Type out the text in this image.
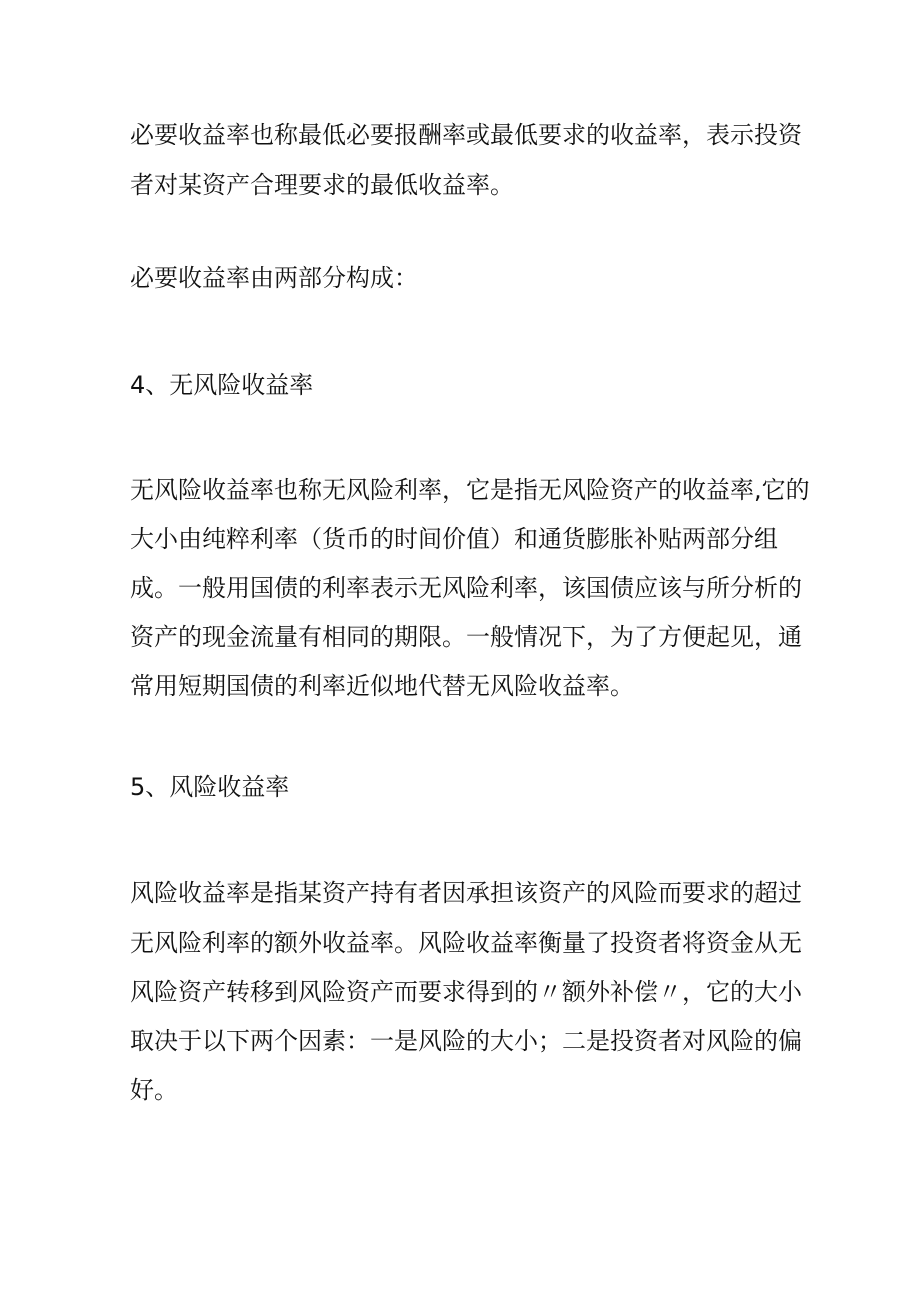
必要收益率也称最低必要报酬率或最低要求的收益率，表示投资
者对某资产合理要求的最低收益率。
必要收益率由两部分构成：
4、无风险收益率
无风险收益率也称无风险利率，它是指无风险资产的收益率,它的
大小由纯粹利率（货币的时间价值）和通货膨胀补贴两部分组
成。一般用国债的利率表示无风险利率，该国债应该与所分析的
资产的现金流量有相同的期限。一般情况下，为了方便起见，通
常用短期国债的利率近似地代替无风险收益率。
5、风险收益率
风险收益率是指某资产持有者因承担该资产的风险而要求的超过
无风险利率的额外收益率。风险收益率衡量了投资者将资金从无
风险资产转移到风险资产而要求得到的〃额外补偿〃，它的大小
取决于以下两个因素：一是风险的大小；二是投资者对风险的偏
好。
